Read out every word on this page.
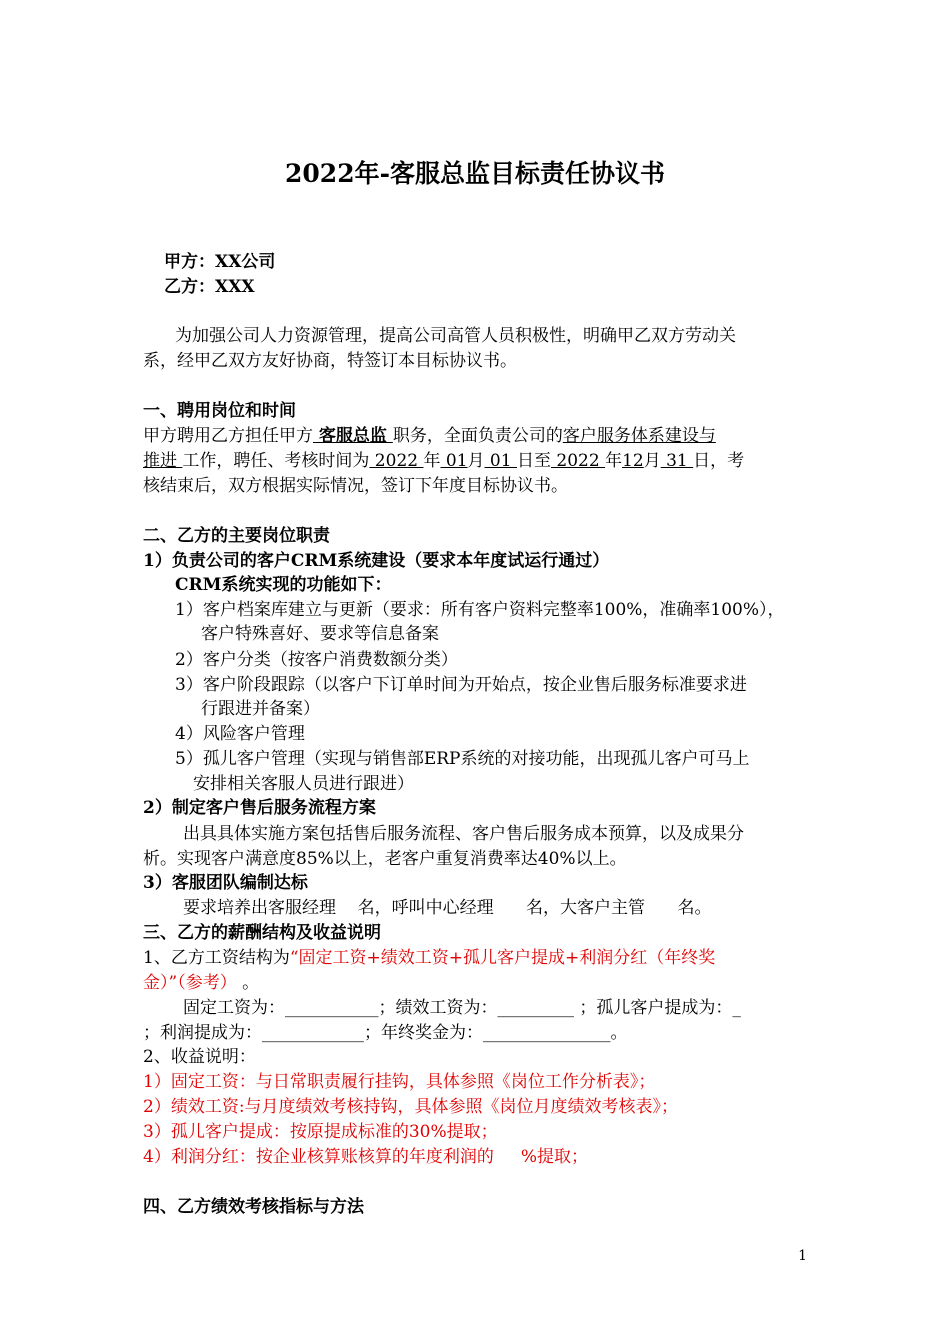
2022年-客服总监目标责任协议书
甲方：XX公司
乙方：XXX
为加强公司人力资源管理，提高公司高管人员积极性，明确甲乙双方劳动关
系，经甲乙双方友好协商，特签订本目标协议书。
一、聘用岗位和时间
甲方聘用乙方担任甲方 客服总监 职务，全面负责公司的客户服务体系建设与
推进 工作，聘任、考核时间为 2022 年 01月 01 日至 2022 年12月 31 日，考
核结束后，双方根据实际情况，签订下年度目标协议书。
二、乙方的主要岗位职责
1）负责公司的客户CRM系统建设（要求本年度试运行通过）
CRM系统实现的功能如下：
1）客户档案库建立与更新（要求：所有客户资料完整率100%，准确率100%），
客户特殊喜好、要求等信息备案
2）客户分类（按客户消费数额分类）
3）客户阶段跟踪（以客户下订单时间为开始点，按企业售后服务标准要求进
行跟进并备案）
4）风险客户管理
5）孤儿客户管理（实现与销售部ERP系统的对接功能，出现孤儿客户可马上
安排相关客服人员进行跟进）
2）制定客户售后服务流程方案
出具具体实施方案包括售后服务流程、客户售后服务成本预算，以及成果分
析。实现客户满意度85%以上，老客户重复消费率达40%以上。
3）客服团队编制达标
要求培养出客服经理    名，呼叫中心经理      名，大客户主管      名。
三、乙方的薪酬结构及收益说明
1、乙方工资结构为“固定工资+绩效工资+孤儿客户提成+利润分红（年终奖
金）”（参考） 。
固定工资为：___________；绩效工资为：_________ ；孤儿客户提成为：_
；利润提成为：____________；年终奖金为：_______________。
2、收益说明：
1）固定工资：与日常职责履行挂钩，具体参照《岗位工作分析表》；
2）绩效工资:与月度绩效考核持钩，具体参照《岗位月度绩效考核表》；
3）孤儿客户提成：按原提成标准的30%提取；
4）利润分红：按企业核算账核算的年度利润的     %提取；
四、乙方绩效考核指标与方法
1
